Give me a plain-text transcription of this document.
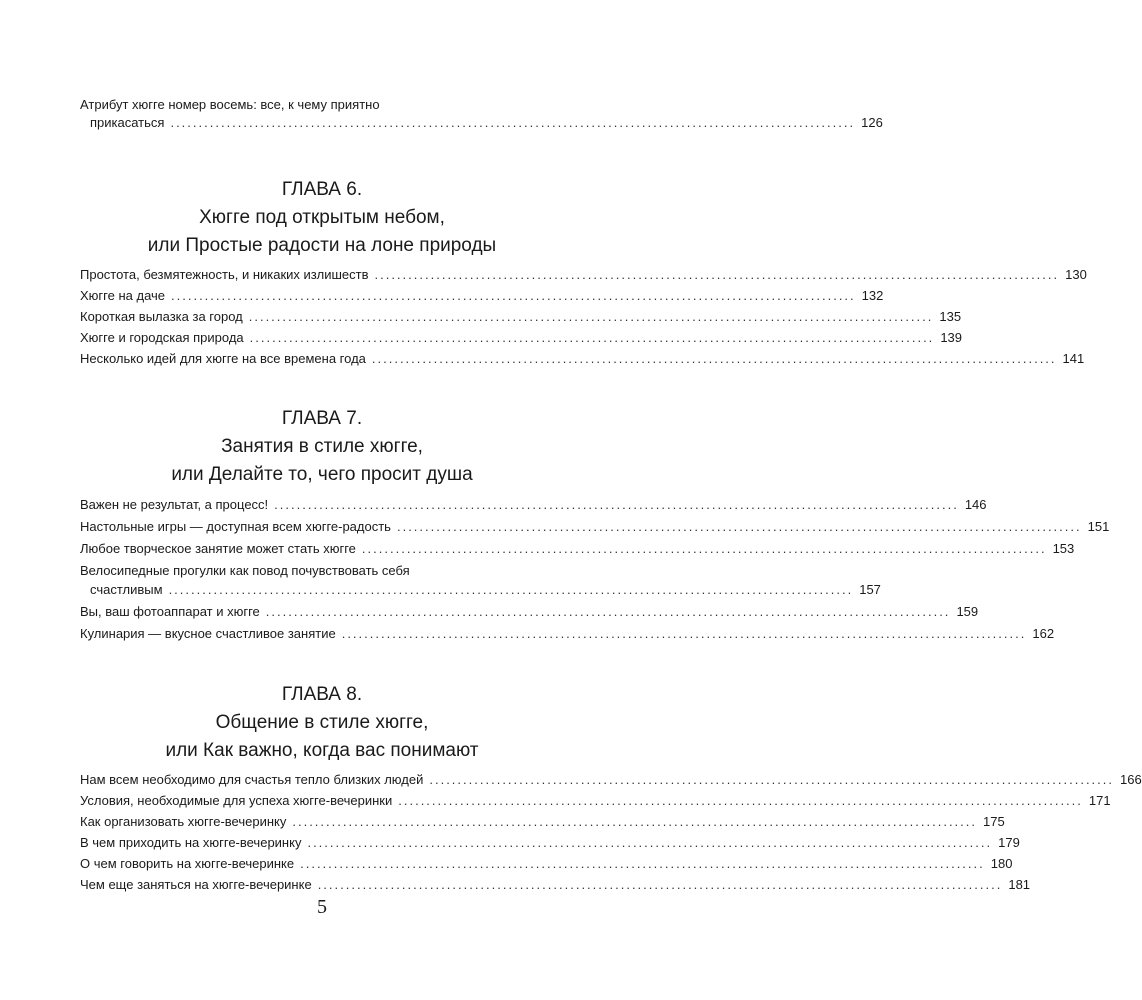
Атрибут хюгге номер восемь: все, к чему приятно
прикасаться .......................................................................................................................... 126
ГЛАВА 6.
Хюгге под открытым небом,
или Простые радости на лоне природы
Простота, безмятежность, и никаких излишеств .......................................................................................................................... 130
Хюгге на даче .......................................................................................................................... 132
Короткая вылазка за город .......................................................................................................................... 135
Хюгге и городская природа .......................................................................................................................... 139
Несколько идей для хюгге на все времена года .......................................................................................................................... 141
ГЛАВА 7.
Занятия в стиле хюгге,
или Делайте то, чего просит душа
Важен не результат, а процесс! .......................................................................................................................... 146
Настольные игры — доступная всем хюгге-радость .......................................................................................................................... 151
Любое творческое занятие может стать хюгге .......................................................................................................................... 153
Велосипедные прогулки как повод почувствовать себя
счастливым .......................................................................................................................... 157
Вы, ваш фотоаппарат и хюгге .......................................................................................................................... 159
Кулинария — вкусное счастливое занятие .......................................................................................................................... 162
ГЛАВА 8.
Общение в стиле хюгге,
или Как важно, когда вас понимают
Нам всем необходимо для счастья тепло близких людей .......................................................................................................................... 166
Условия, необходимые для успеха хюгге-вечеринки .......................................................................................................................... 171
Как организовать хюгге-вечеринку .......................................................................................................................... 175
В чем приходить на хюгге-вечеринку .......................................................................................................................... 179
О чем говорить на хюгге-вечеринке .......................................................................................................................... 180
Чем еще заняться на хюгге-вечеринке .......................................................................................................................... 181
5
